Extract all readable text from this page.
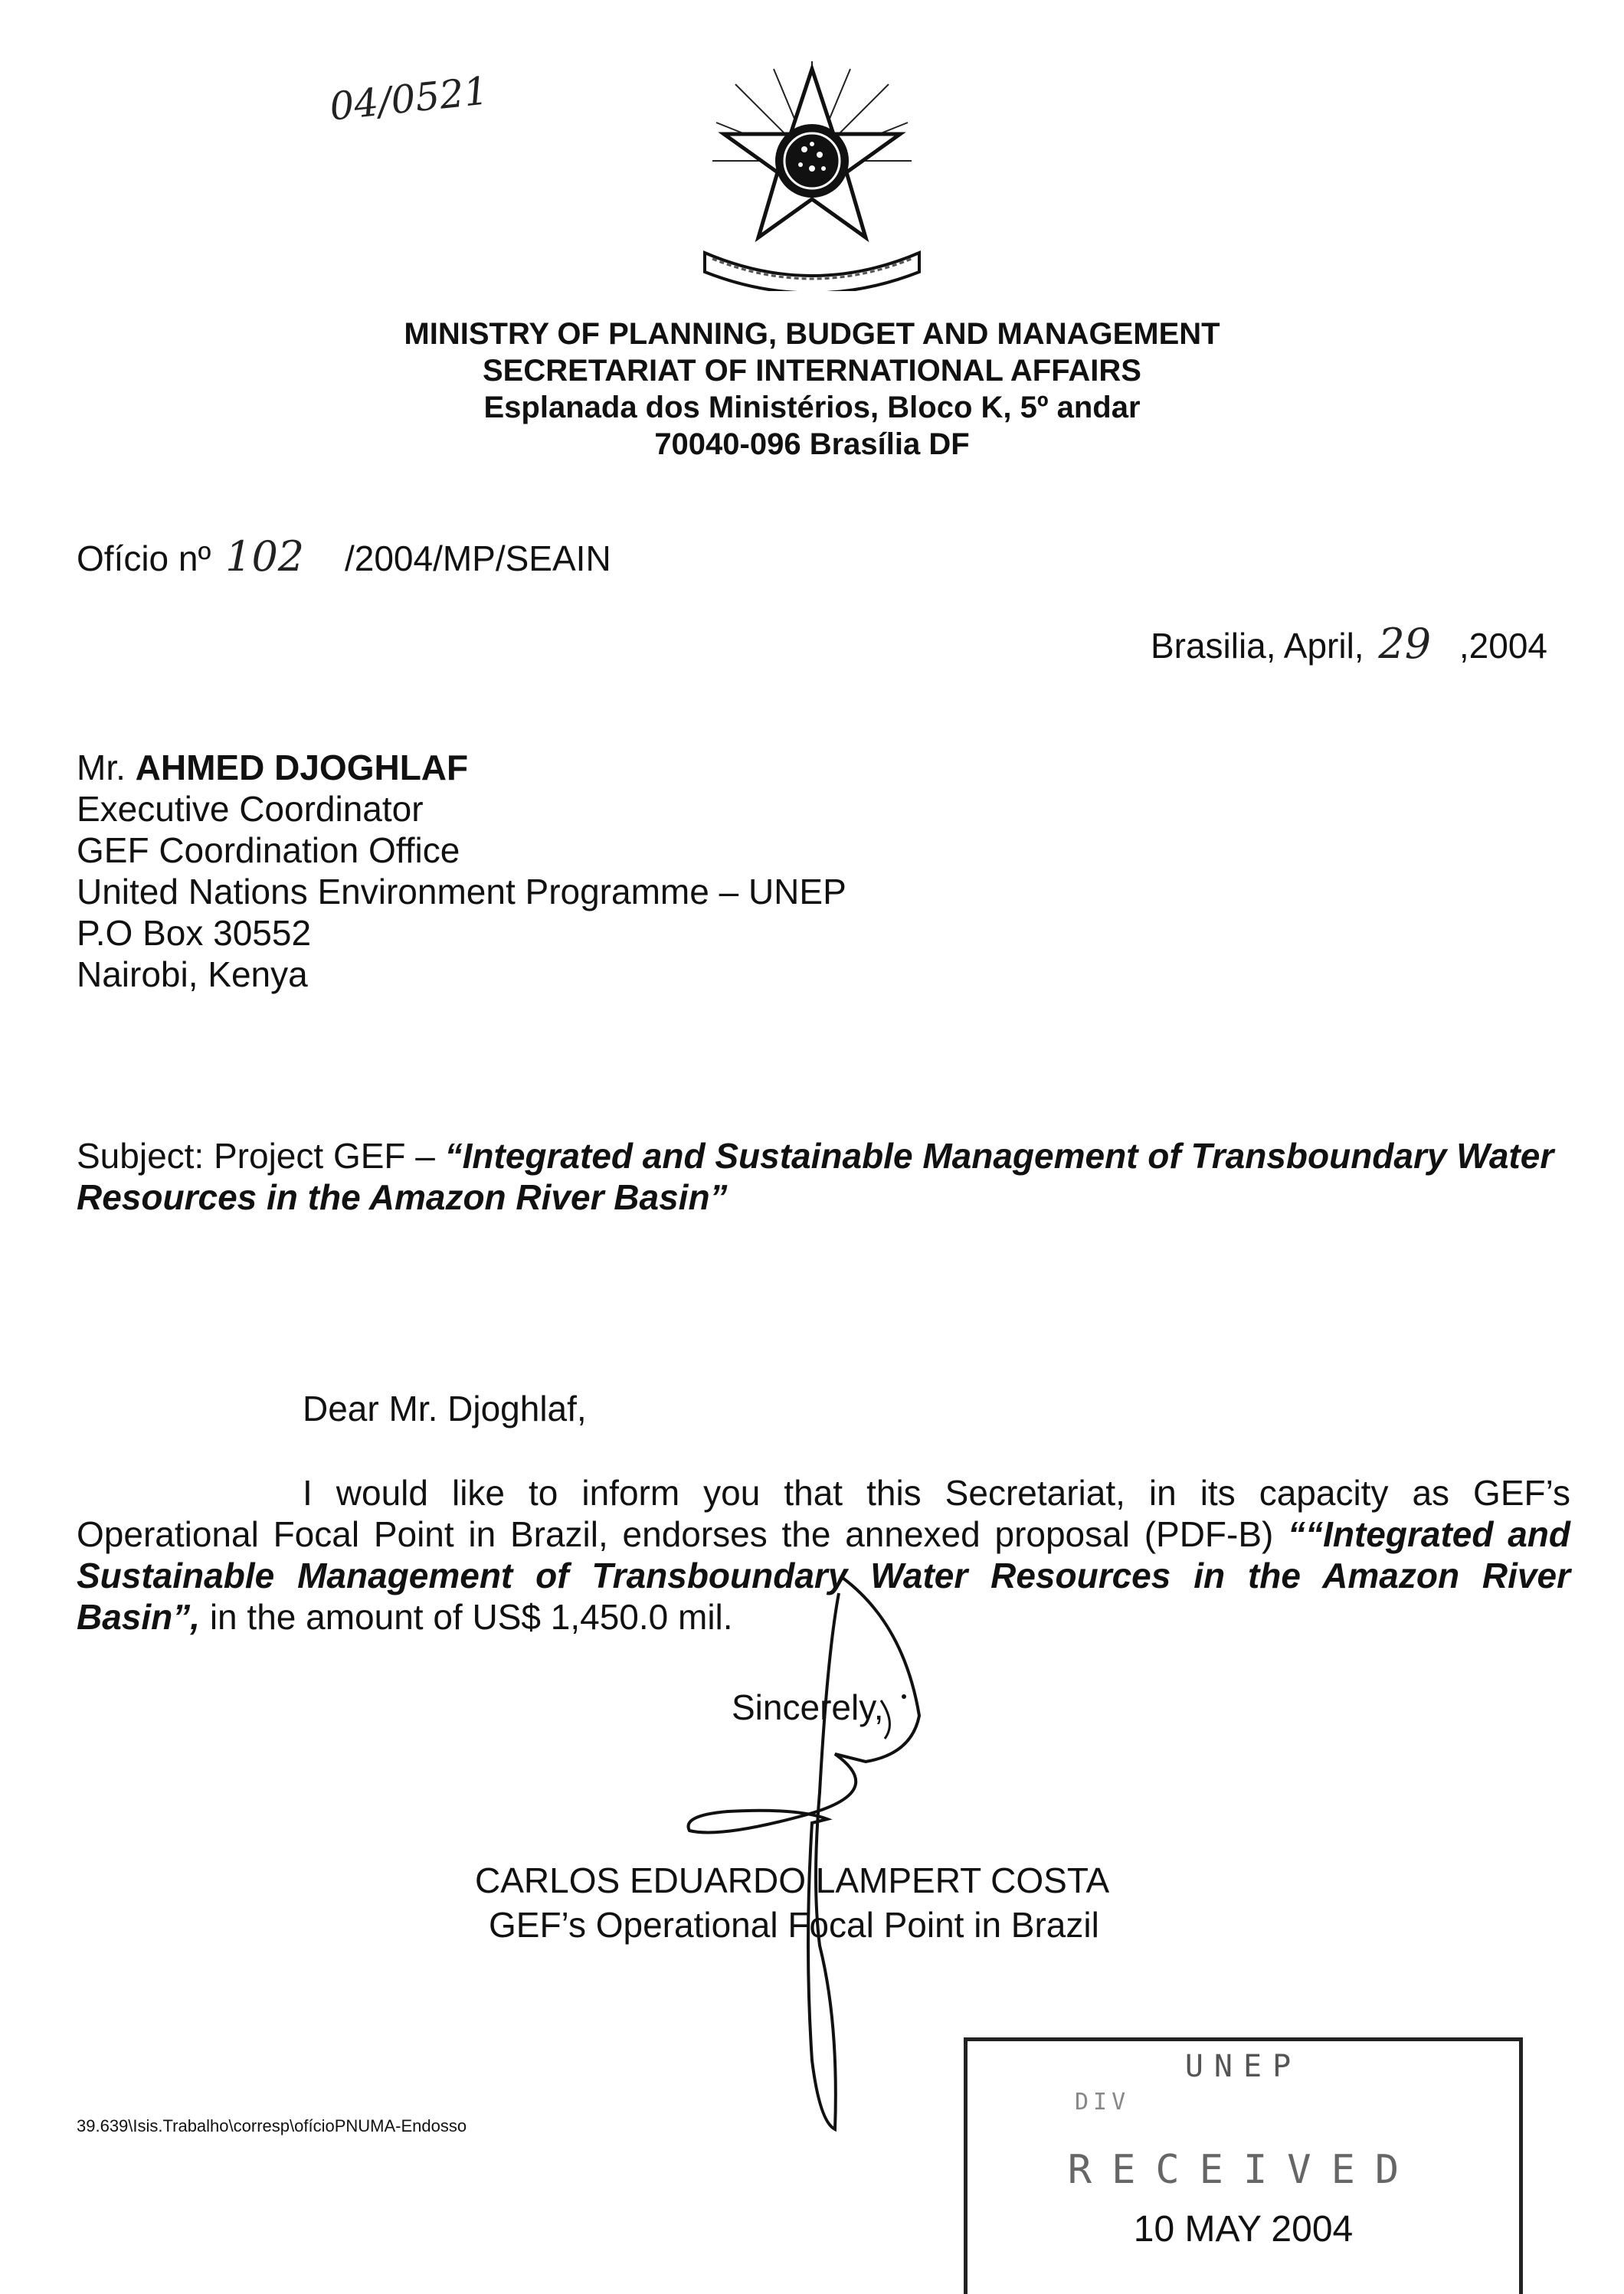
04/0521
MINISTRY OF PLANNING, BUDGET AND MANAGEMENT
SECRETARIAT OF INTERNATIONAL AFFAIRS
Esplanada dos Ministérios, Bloco K, 5º andar
70040-096 Brasília DF
Ofício nº 102 /2004/MP/SEAIN
Brasilia, April, 29 ,2004
Mr. AHMED DJOGHLAF
Executive Coordinator
GEF Coordination Office
United Nations Environment Programme – UNEP
P.O Box 30552
Nairobi, Kenya
Subject: Project GEF – “Integrated and Sustainable Management of Transboundary Water Resources in the Amazon River Basin”
Dear Mr. Djoghlaf,
I would like to inform you that this Secretariat, in its capacity as GEF’s Operational Focal Point in Brazil, endorses the annexed proposal (PDF-B) ““Integrated and Sustainable Management of Transboundary Water Resources in the Amazon River Basin”, in the amount of US$ 1,450.0 mil.
Sincerely,
CARLOS EDUARDO LAMPERT COSTA
GEF’s Operational Focal Point in Brazil
39.639\Isis.Trabalho\corresp\ofícioPNUMA-Endosso
UNEP
DIV
RECEIVED
10 MAY 2004
